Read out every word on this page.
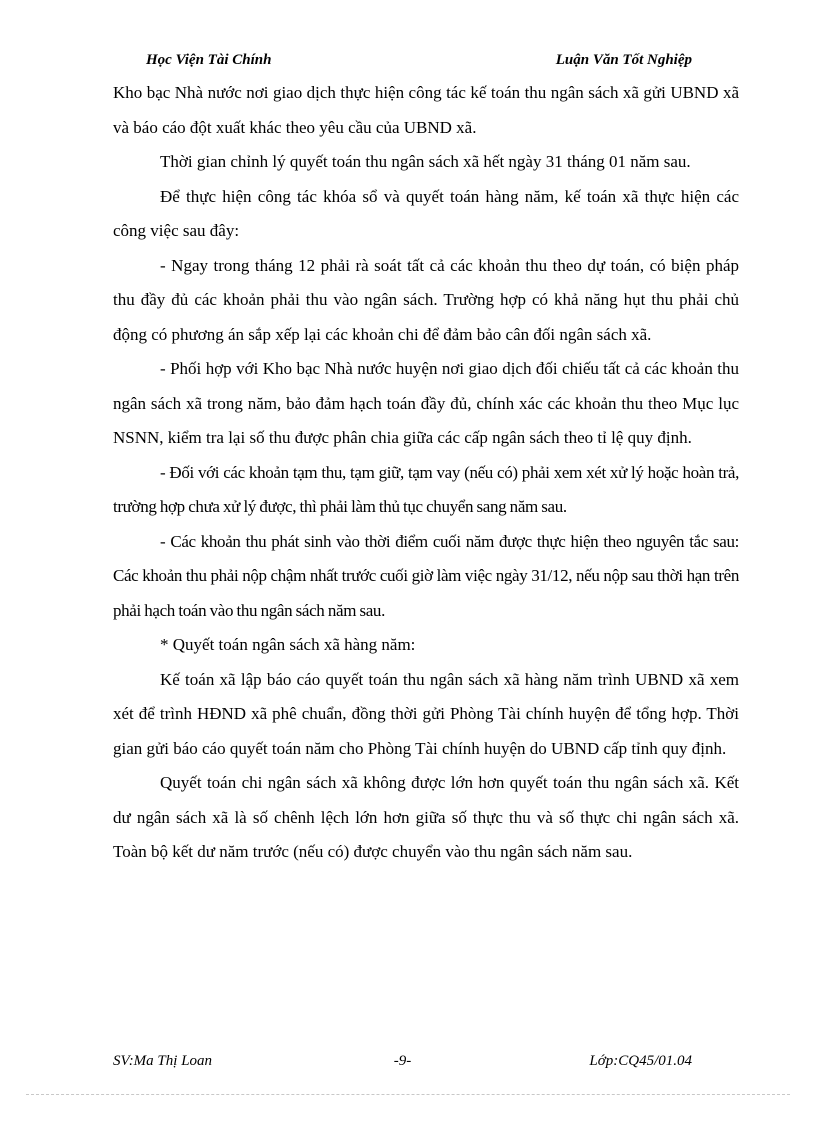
Học Viện Tài Chính	Luận Văn Tốt Nghiệp

Kho bạc Nhà nước nơi giao dịch thực hiện công tác kế toán thu ngân sách xã gửi UBND xã và báo cáo đột xuất khác theo yêu cầu của UBND xã.

Thời gian chỉnh lý quyết toán thu ngân sách xã hết ngày 31 tháng 01 năm sau.

Để thực hiện công tác khóa sổ và quyết toán hàng năm, kế toán xã thực hiện các công việc sau đây:

- Ngay trong tháng 12 phải rà soát tất cả các khoản thu theo dự toán, có biện pháp thu đầy đủ các khoản phải thu vào ngân sách. Trường hợp có khả năng hụt thu phải chủ động có phương án sắp xếp lại các khoản chi để đảm bảo cân đối ngân sách xã.

- Phối hợp với Kho bạc Nhà nước huyện nơi giao dịch đối chiếu tất cả các khoản thu ngân sách xã trong năm, bảo đảm hạch toán đầy đủ, chính xác các khoản thu theo Mục lục NSNN, kiểm tra lại số thu được phân chia giữa các cấp ngân sách theo tỉ lệ quy định.

- Đối với các khoản tạm thu, tạm giữ, tạm vay (nếu có) phải xem xét xử lý hoặc hoàn trả, trường hợp chưa xử lý được, thì phải làm thủ tục chuyển sang năm sau.

- Các khoản thu phát sinh vào thời điểm cuối năm được thực hiện theo nguyên tắc sau: Các khoản thu phải nộp chậm nhất trước cuối giờ làm việc ngày 31/12, nếu nộp sau thời hạn trên phải hạch toán vào thu ngân sách năm sau.

* Quyết toán ngân sách xã hàng năm:

Kế toán xã lập báo cáo quyết toán thu ngân sách xã hàng năm trình UBND xã xem xét để trình HĐND xã phê chuẩn, đồng thời gửi Phòng Tài chính huyện để tổng hợp. Thời gian gửi báo cáo quyết toán năm cho Phòng Tài chính huyện do UBND cấp tỉnh quy định.

Quyết toán chi ngân sách xã không được lớn hơn quyết toán thu ngân sách xã. Kết dư ngân sách xã là số chênh lệch lớn hơn giữa số thực thu và số thực chi ngân sách xã. Toàn bộ kết dư năm trước (nếu có) được chuyển vào thu ngân sách năm sau.

SV:Ma Thị Loan	-9-	Lớp:CQ45/01.04
